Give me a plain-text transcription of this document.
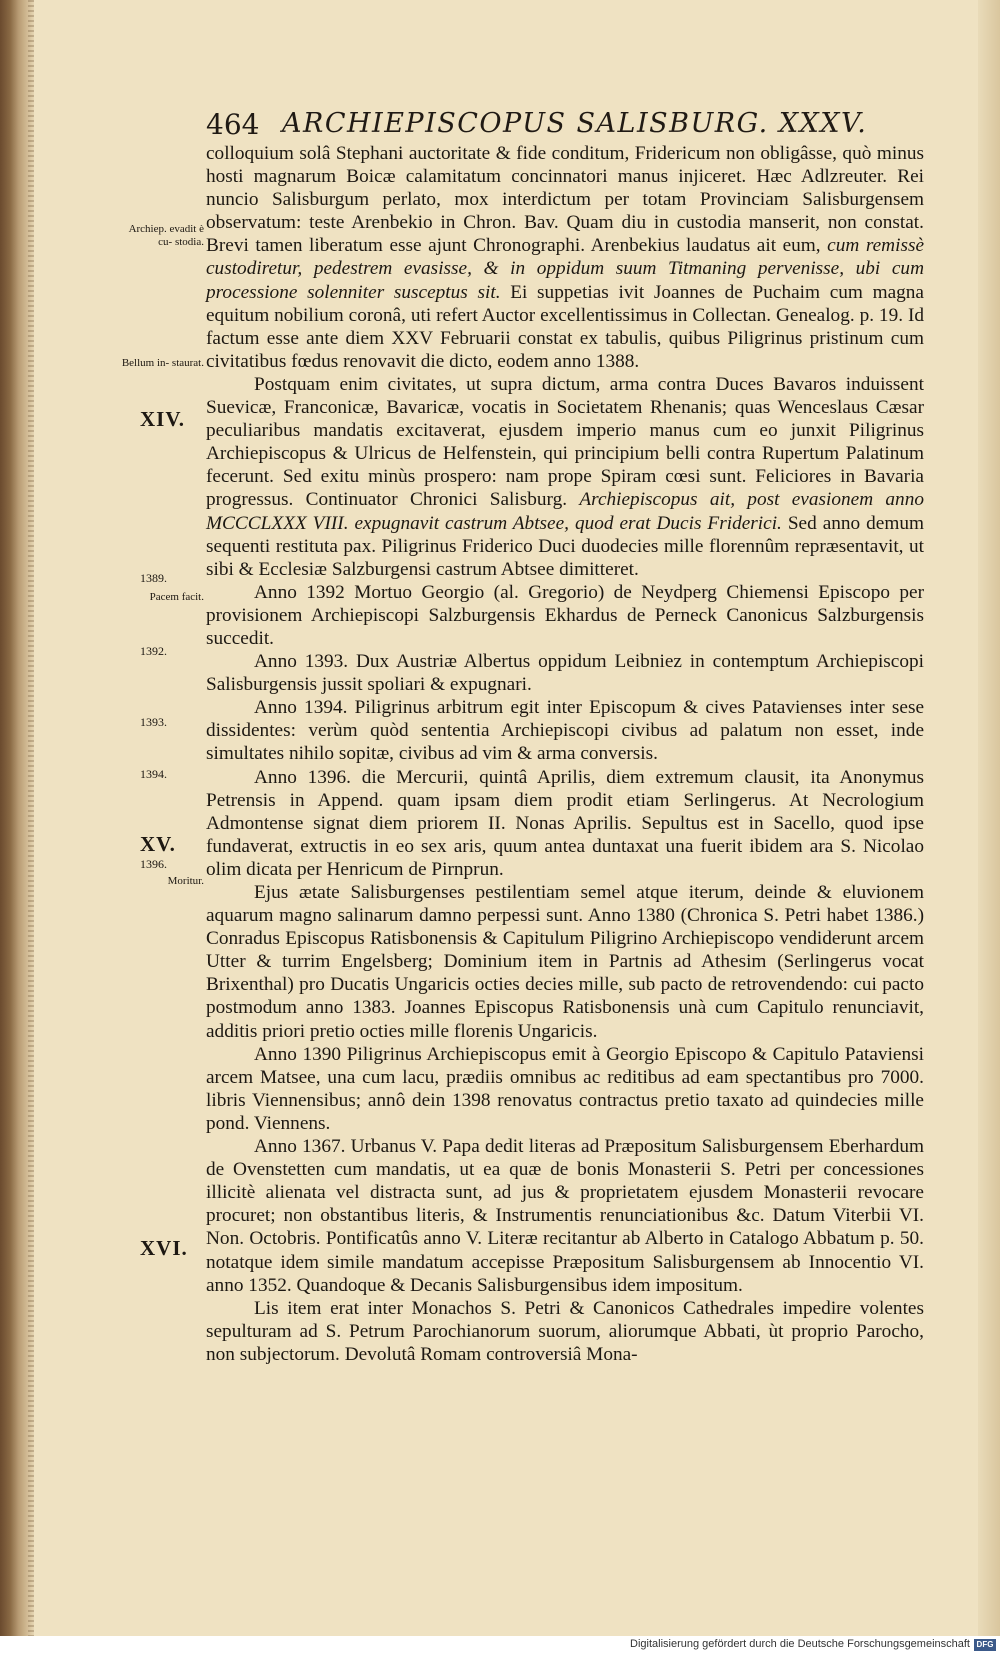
464 ARCHIEPISCOPUS SALISBURG. XXXV.

Archiep. evadit è cu- stodia.
Bellum in- staurat.
XIV.
1389.
Pacem facit.
1392.
1393.
1394.
XV.
1396.
Moritur.
XVI.

colloquium solâ Stephani auctoritate & fide conditum, Fridericum non obligâsse, quò minus hosti magnarum Boicæ calamitatum concinnatori manus injiceret. Hæc Adlzreuter. Rei nuncio Salisburgum perlato, mox interdictum per totam Provinciam Salisburgensem observatum: teste Arenbekio in Chron. Bav. Quam diu in custodia manserit, non constat. Brevi tamen liberatum esse ajunt Chronographi. Arenbekius laudatus ait eum, cum remissè custodiretur, pedestrem evasisse, & in oppidum suum Titmaning pervenisse, ubi cum processione solenniter susceptus sit. Ei suppetias ivit Joannes de Puchaim cum magna equitum nobilium coronâ, uti refert Auctor excellentissimus in Collectan. Genealog. p. 19. Id factum esse ante diem XXV Februarii constat ex tabulis, quibus Piligrinus pristinum cum civitatibus fœdus renovavit die dicto, eodem anno 1388.

Postquam enim civitates, ut supra dictum, arma contra Duces Bavaros induissent Suevicæ, Franconicæ, Bavaricæ, vocatis in Societatem Rhenanis; quas Wenceslaus Cæsar peculiaribus mandatis excitaverat, ejusdem imperio manus cum eo junxit Piligrinus Archiepiscopus & Ulricus de Helfenstein, qui principium belli contra Rupertum Palatinum fecerunt. Sed exitu minùs prospero: nam prope Spiram cœsi sunt. Feliciores in Bavaria progressus. Continuator Chronici Salisburg. Archiepiscopus ait, post evasionem anno MCCCLXXX VIII. expugnavit castrum Abtsee, quod erat Ducis Friderici. Sed anno demum sequenti restituta pax. Piligrinus Friderico Duci duodecies mille florennûm repræsentavit, ut sibi & Ecclesiæ Salzburgensi castrum Abtsee dimitteret.

Anno 1392 Mortuo Georgio (al. Gregorio) de Neydperg Chiemensi Episcopo per provisionem Archiepiscopi Salzburgensis Ekhardus de Perneck Canonicus Salzburgensis succedit.

Anno 1393. Dux Austriæ Albertus oppidum Leibniez in contemptum Archiepiscopi Salisburgensis jussit spoliari & expugnari.

Anno 1394. Piligrinus arbitrum egit inter Episcopum & cives Patavienses inter sese dissidentes: verùm quòd sententia Archiepiscopi civibus ad palatum non esset, inde simultates nihilo sopitæ, civibus ad vim & arma conversis.

Anno 1396. die Mercurii, quintâ Aprilis, diem extremum clausit, ita Anonymus Petrensis in Append. quam ipsam diem prodit etiam Serlingerus. At Necrologium Admontense signat diem priorem II. Nonas Aprilis. Sepultus est in Sacello, quod ipse fundaverat, extructis in eo sex aris, quum antea duntaxat una fuerit ibidem ara S. Nicolao olim dicata per Henricum de Pirnprun.

Ejus ætate Salisburgenses pestilentiam semel atque iterum, deinde & eluvionem aquarum magno salinarum damno perpessi sunt. Anno 1380 (Chronica S. Petri habet 1386.) Conradus Episcopus Ratisbonensis & Capitulum Piligrino Archiepiscopo vendiderunt arcem Utter & turrim Engelsberg; Dominium item in Partnis ad Athesim (Serlingerus vocat Brixenthal) pro Ducatis Ungaricis octies decies mille, sub pacto de retrovendendo: cui pacto postmodum anno 1383. Joannes Episcopus Ratisbonensis unà cum Capitulo renunciavit, additis priori pretio octies mille florenis Ungaricis.

Anno 1390 Piligrinus Archiepiscopus emit à Georgio Episcopo & Capitulo Pataviensi arcem Matsee, una cum lacu, prædiis omnibus ac reditibus ad eam spectantibus pro 7000. libris Viennensibus; annô dein 1398 renovatus contractus pretio taxato ad quindecies mille pond. Viennens.

Anno 1367. Urbanus V. Papa dedit literas ad Præpositum Salisburgensem Eberhardum de Ovenstetten cum mandatis, ut ea quæ de bonis Monasterii S. Petri per concessiones illicitè alienata vel distracta sunt, ad jus & proprietatem ejusdem Monasterii revocare procuret; non obstantibus literis, & Instrumentis renunciationibus &c. Datum Viterbii VI. Non. Octobris. Pontificatûs anno V. Literæ recitantur ab Alberto in Catalogo Abbatum p. 50. notatque idem simile mandatum accepisse Præpositum Salisburgensem ab Innocentio VI. anno 1352. Quandoque & Decanis Salisburgensibus idem impositum.

Lis item erat inter Monachos S. Petri & Canonicos Cathedrales impedire volentes sepulturam ad S. Petrum Parochianorum suorum, aliorumque Abbati, ùt proprio Parocho, non subjectorum. Devolutâ Romam controversiâ Mona-

Digitalisierung gefördert durch die Deutsche Forschungsgemeinschaft DFG
